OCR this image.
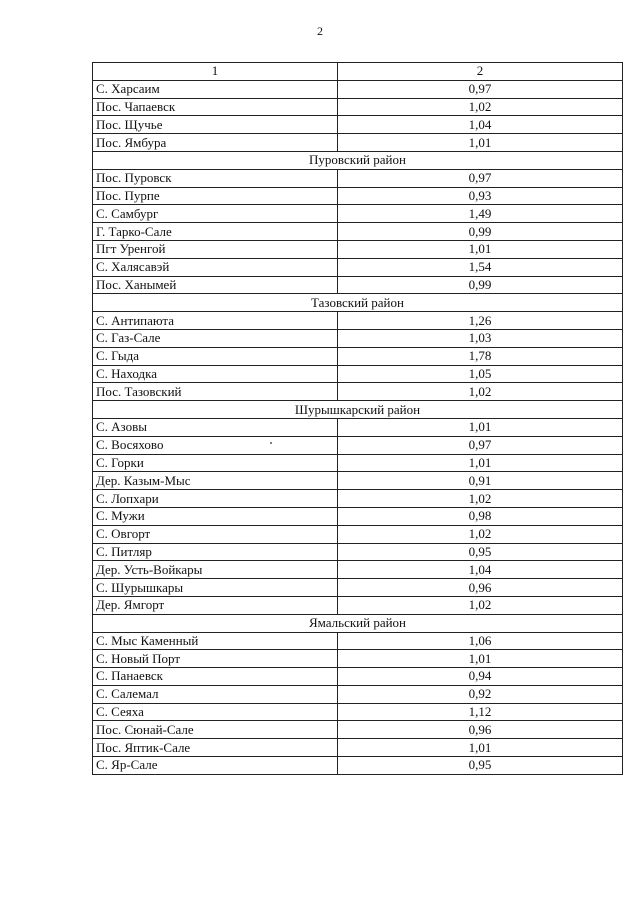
2
1	2
С. Харсаим	0,97
Пос. Чапаевск	1,02
Пос. Щучье	1,04
Пос. Ямбура	1,01
Пуровский район	
Пос. Пуровск	0,97
Пос. Пурпе	0,93
С. Самбург	1,49
Г. Тарко-Сале	0,99
Пгт Уренгой	1,01
С. Халясавэй	1,54
Пос. Ханымей	0,99
Тазовский район	
С. Антипаюта	1,26
С. Газ-Сале	1,03
С. Гыда	1,78
С. Находка	1,05
Пос. Тазовский	1,02
Шурышкарский район	
С. Азовы	1,01
С. Восяхово	0,97
С. Горки	1,01
Дер. Казым-Мыс	0,91
С. Лопхари	1,02
С. Мужи	0,98
С. Овгорт	1,02
С. Питляр	0,95
Дер. Усть-Войкары	1,04
С. Шурышкары	0,96
Дер. Ямгорт	1,02
Ямальский район	
С. Мыс Каменный	1,06
С. Новый Порт	1,01
С. Панаевск	0,94
С. Салемал	0,92
С. Сеяха	1,12
Пос. Сюнай-Сале	0,96
Пос. Яптик-Сале	1,01
С. Яр-Сале	0,95
